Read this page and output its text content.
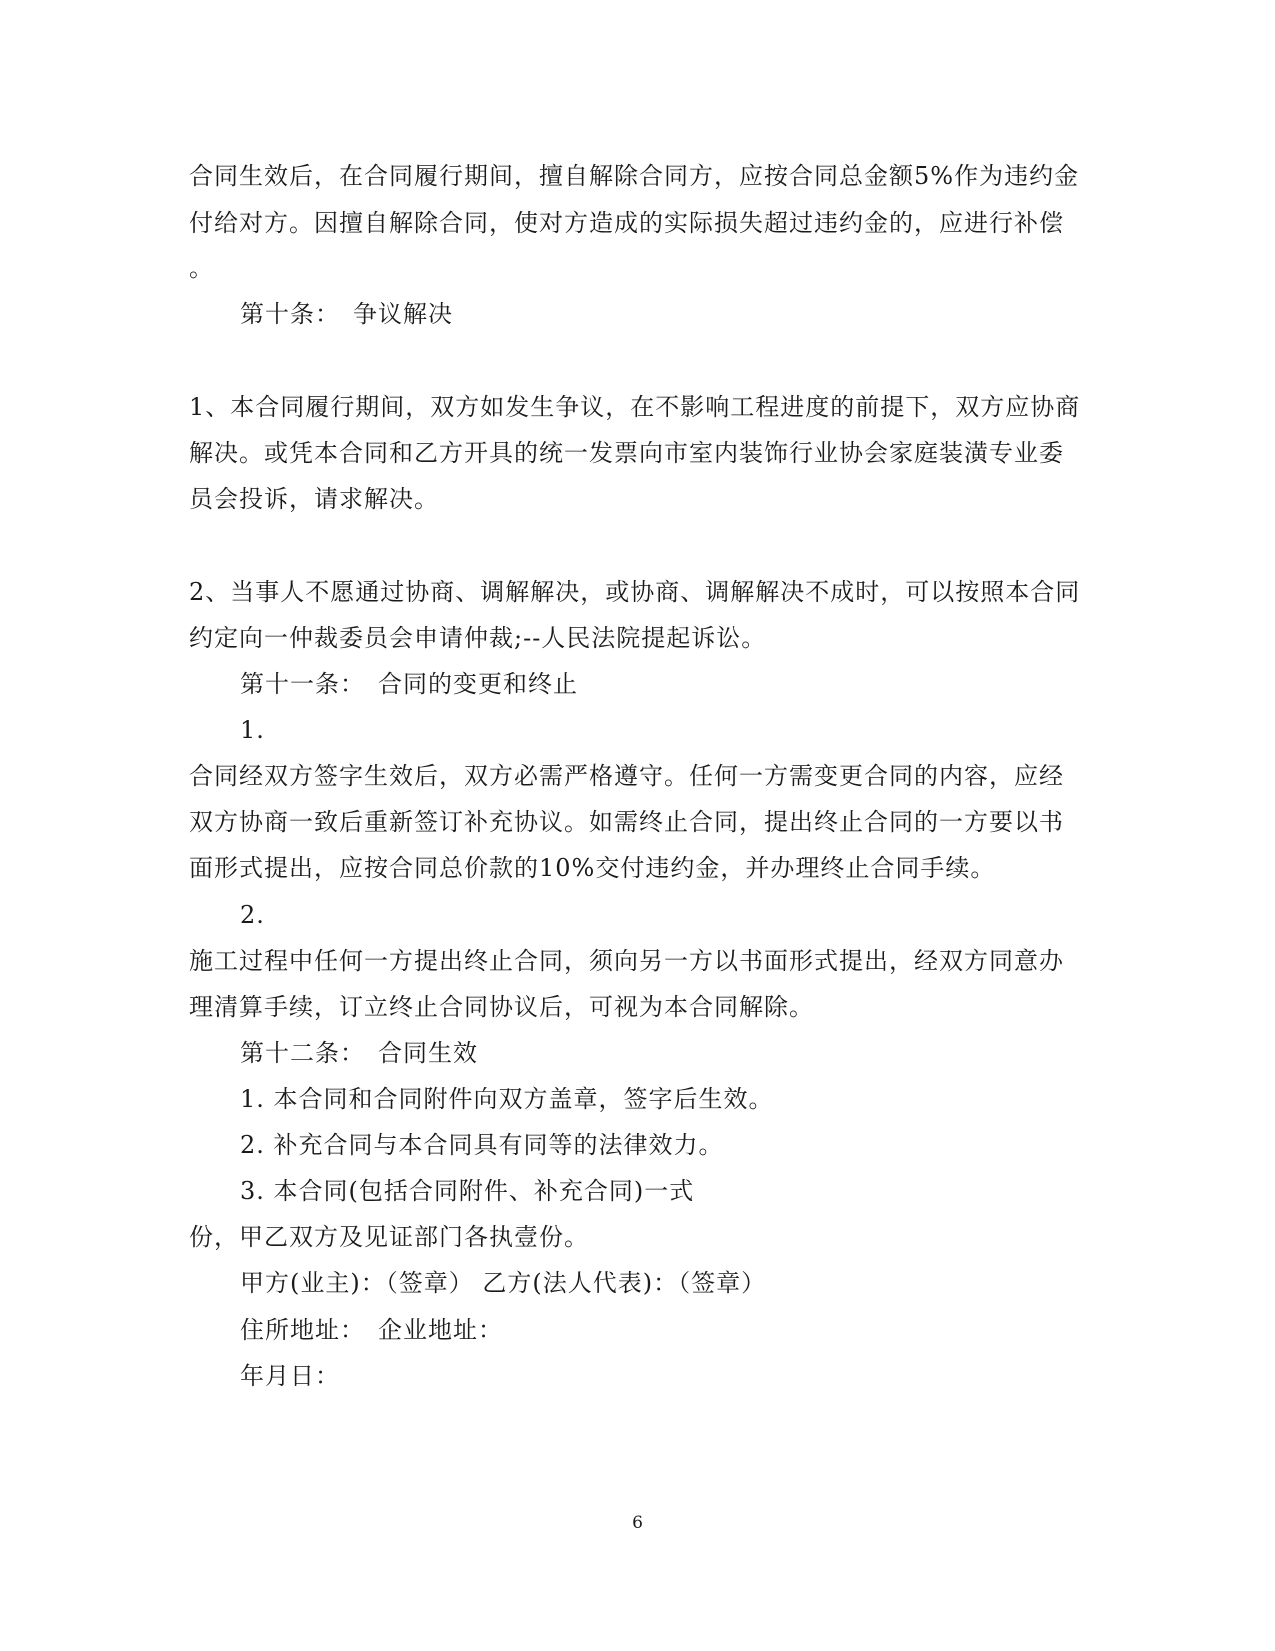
合同生效后，在合同履行期间，擅自解除合同方，应按合同总金额5%作为违约金
付给对方。因擅自解除合同，使对方造成的实际损失超过违约金的，应进行补偿
。
第十条：　争议解决
1、本合同履行期间，双方如发生争议，在不影响工程进度的前提下，双方应协商
解决。或凭本合同和乙方开具的统一发票向市室内装饰行业协会家庭装潢专业委
员会投诉，请求解决。
2、当事人不愿通过协商、调解解决，或协商、调解解决不成时，可以按照本合同
约定向一仲裁委员会申请仲裁;--人民法院提起诉讼。
第十一条：　合同的变更和终止
1.
合同经双方签字生效后，双方必需严格遵守。任何一方需变更合同的内容，应经
双方协商一致后重新签订补充协议。如需终止合同，提出终止合同的一方要以书
面形式提出，应按合同总价款的10%交付违约金，并办理终止合同手续。
2.
施工过程中任何一方提出终止合同，须向另一方以书面形式提出，经双方同意办
理清算手续，订立终止合同协议后，可视为本合同解除。
第十二条：　合同生效
1. 本合同和合同附件向双方盖章，签字后生效。
2. 补充合同与本合同具有同等的法律效力。
3. 本合同(包括合同附件、补充合同)一式
份，甲乙双方及见证部门各执壹份。
甲方(业主)：（签章） 乙方(法人代表)：（签章）
住所地址：　企业地址：
年月日：
6
